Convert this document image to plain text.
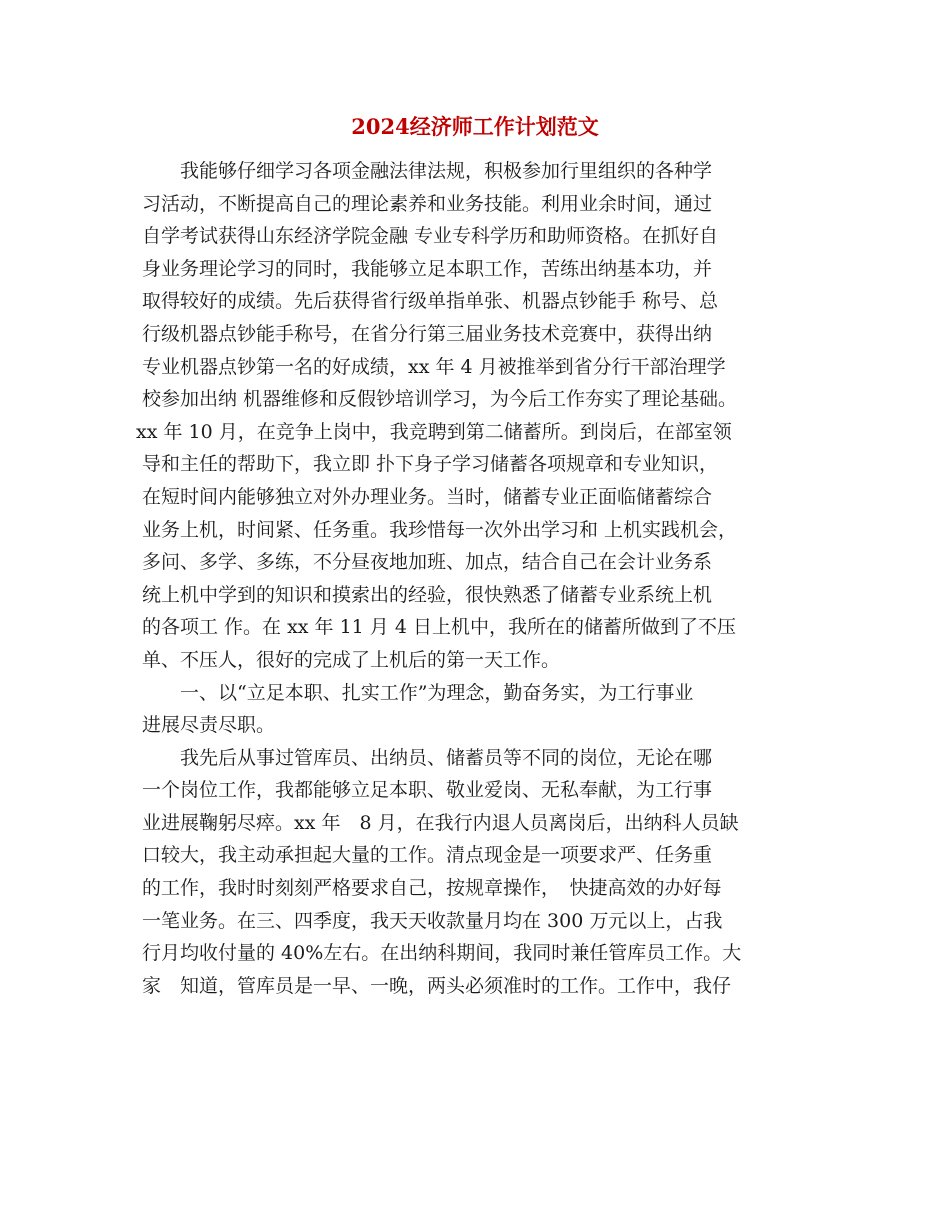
2024经济师工作计划范文
我能够仔细学习各项金融法律法规，积极参加行里组织的各种学
习活动，不断提高自己的理论素养和业务技能。利用业余时间，通过
自学考试获得山东经济学院金融 专业专科学历和助师资格。在抓好自
身业务理论学习的同时，我能够立足本职工作，苦练出纳基本功，并
取得较好的成绩。先后获得省行级单指单张、机器点钞能手 称号、总
行级机器点钞能手称号，在省分行第三届业务技术竞赛中，获得出纳
专业机器点钞第一名的好成绩，xx 年 4 月被推举到省分行干部治理学
校参加出纳 机器维修和反假钞培训学习，为今后工作夯实了理论基础。
xx 年 10 月，在竞争上岗中，我竞聘到第二储蓄所。到岗后，在部室领
导和主任的帮助下，我立即 扑下身子学习储蓄各项规章和专业知识，
在短时间内能够独立对外办理业务。当时，储蓄专业正面临储蓄综合
业务上机，时间紧、任务重。我珍惜每一次外出学习和 上机实践机会，
多问、多学、多练，不分昼夜地加班、加点，结合自己在会计业务系
统上机中学到的知识和摸索出的经验，很快熟悉了储蓄专业系统上机
的各项工 作。在 xx 年 11 月 4 日上机中，我所在的储蓄所做到了不压
单、不压人，很好的完成了上机后的第一天工作。
一、以“立足本职、扎实工作”为理念，勤奋务实，为工行事业
进展尽责尽职。
我先后从事过管库员、出纳员、储蓄员等不同的岗位，无论在哪
一个岗位工作，我都能够立足本职、敬业爱岗、无私奉献，为工行事
业进展鞠躬尽瘁。xx 年　8 月，在我行内退人员离岗后，出纳科人员缺
口较大，我主动承担起大量的工作。清点现金是一项要求严、任务重
的工作，我时时刻刻严格要求自己，按规章操作，　快捷高效的办好每
一笔业务。在三、四季度，我天天收款量月均在 300 万元以上，占我
行月均收付量的 40%左右。在出纳科期间，我同时兼任管库员工作。大
家　知道，管库员是一早、一晚，两头必须准时的工作。工作中，我仔
